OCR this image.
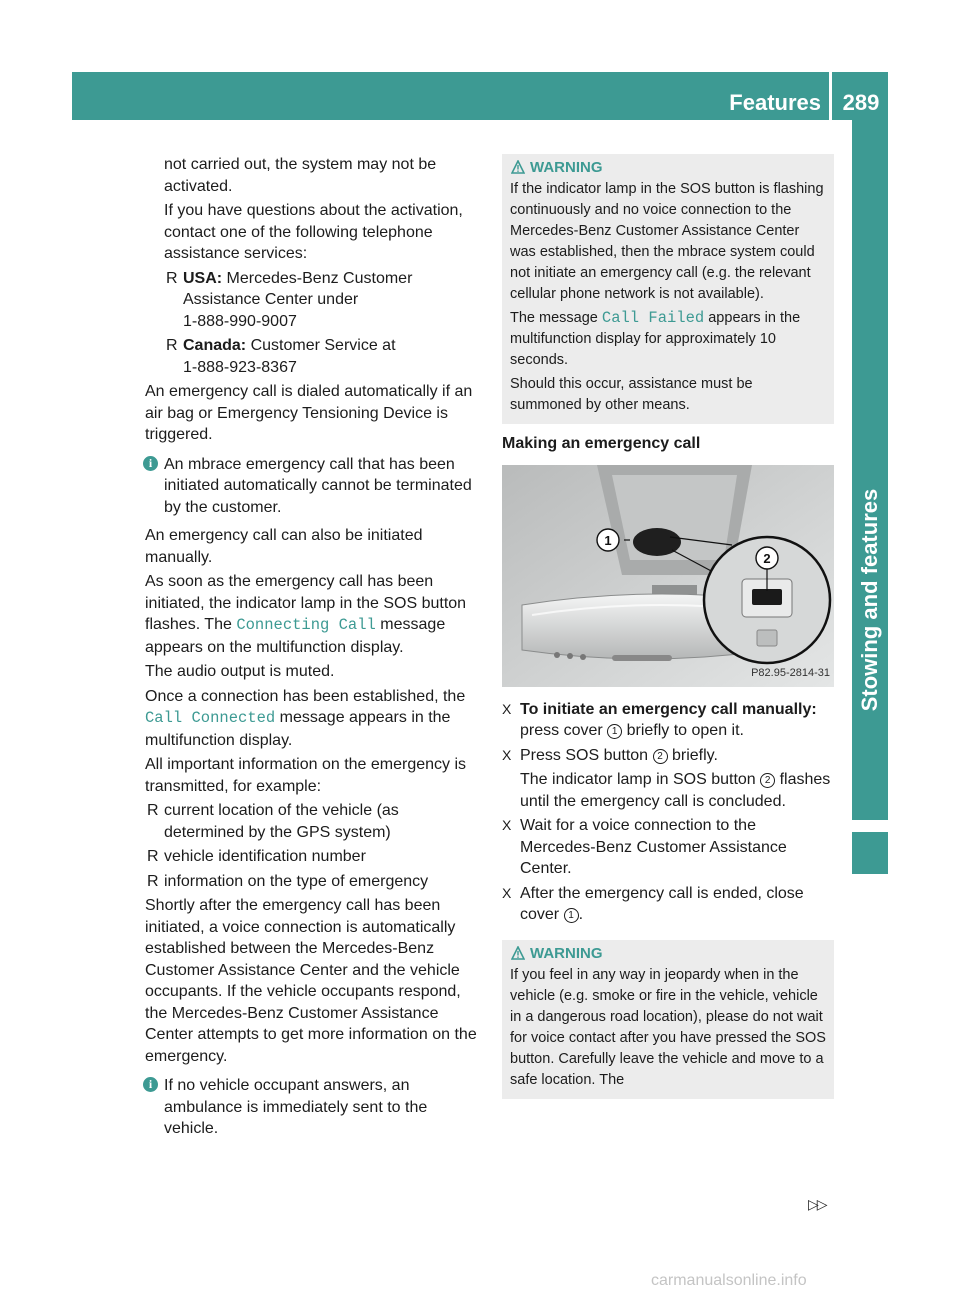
Features 289
Stowing and features

not carried out, the system may not be activated.

If you have questions about the activation, contact one of the following telephone assistance services:

R USA: Mercedes-Benz Customer Assistance Center under
1-888-990-9007
R Canada: Customer Service at
1-888-923-8367

An emergency call is dialed automatically if an air bag or Emergency Tensioning Device is triggered.

i An mbrace emergency call that has been initiated automatically cannot be terminated by the customer.

An emergency call can also be initiated manually.

As soon as the emergency call has been initiated, the indicator lamp in the SOS button flashes. The Connecting Call message appears on the multifunction display.

The audio output is muted.

Once a connection has been established, the Call Connected message appears in the multifunction display.

All important information on the emergency is transmitted, for example:

R current location of the vehicle (as determined by the GPS system)
R vehicle identification number
R information on the type of emergency

Shortly after the emergency call has been initiated, a voice connection is automatically established between the Mercedes-Benz Customer Assistance Center and the vehicle occupants. If the vehicle occupants respond, the Mercedes-Benz Customer Assistance Center attempts to get more information on the emergency.

i If no vehicle occupant answers, an ambulance is immediately sent to the vehicle.
WARNING

If the indicator lamp in the SOS button is flashing continuously and no voice connection to the Mercedes-Benz Customer Assistance Center was established, then the mbrace system could not initiate an emergency call (e.g. the relevant cellular phone network is not available).

The message Call Failed appears in the multifunction display for approximately 10 seconds.

Should this occur, assistance must be summoned by other means.

Making an emergency call
1
2
P82.95-2814-31
X To initiate an emergency call manually: press cover 1 briefly to open it.
X Press SOS button 2 briefly.
The indicator lamp in SOS button 2 flashes until the emergency call is concluded.
X Wait for a voice connection to the Mercedes-Benz Customer Assistance Center.
X After the emergency call is ended, close cover 1 .
WARNING

If you feel in any way in jeopardy when in the vehicle (e.g. smoke or fire in the vehicle, vehicle in a dangerous road location), please do not wait for voice contact after you have pressed the SOS button. Carefully leave the vehicle and move to a safe location. The

▷▷
carmanualsonline.info
